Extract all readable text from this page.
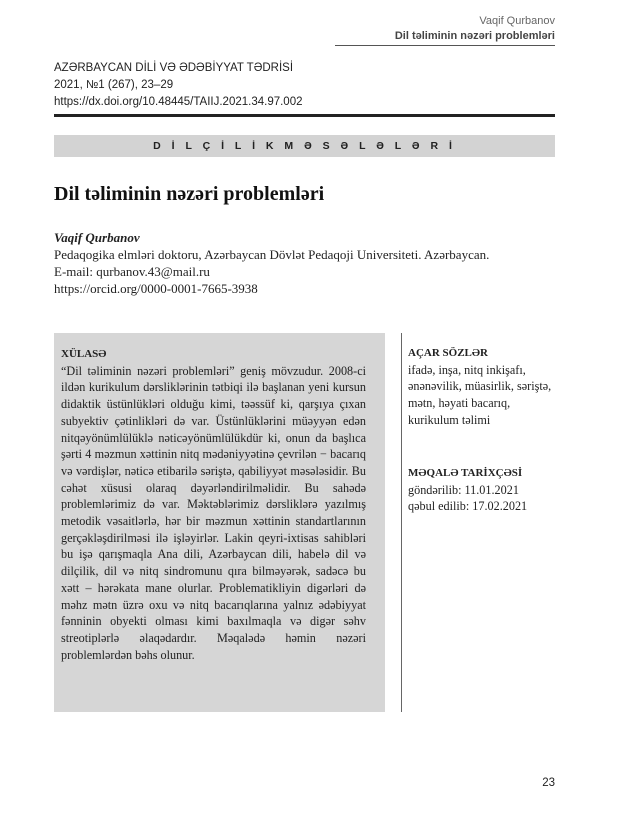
Vaqif Qurbanov
Dil təliminin nəzəri problemləri
AZƏRBAYCAN DİLİ VƏ ƏDƏBİYYAT TƏDRİSİ
2021, №1 (267), 23–29
https://dx.doi.org/10.48445/TAIIJ.2021.34.97.002
D İ L Ç İ L İ K M Ə S Ə L Ə L Ə R İ
Dil təliminin nəzəri problemləri
Vaqif Qurbanov
Pedaqogika elmləri doktoru, Azərbaycan Dövlət Pedaqoji Universiteti. Azərbaycan.
E-mail: qurbanov.43@mail.ru
https://orcid.org/0000-0001-7665-3938
XÜLASƏ
“Dil təliminin nəzəri problemləri” geniş mövzudur. 2008-ci ildən kurikulum dərsliklərinin tətbiqi ilə başlanan yeni kursun didaktik üstünlükləri olduğu kimi, təəssüf ki, qarşıya çıxan subyektiv çətinlikləri də var. Üstünlüklərini müəyyən edən nitqəyönümlülüklə nəticəyönümlülükdür ki, onun da başlıca şərti 4 məzmun xəttinin nitq mədəniyyətinə çevrilən − bacarıq və vərdişlər, nəticə etibarilə səriştə, qabiliyyət məsələsidir. Bu cəhət xüsusi olaraq dəyərləndirilməlidir. Bu sahədə problemlərimiz də var. Məktəblərimiz dərsliklərə yazılmış metodik vəsaitlərlə, hər bir məzmun xəttinin standartlarının gerçəkləşdirilməsi ilə işləyirlər. Lakin qeyri-ixtisas sahibləri bu işə qarışmaqla Ana dili, Azərbaycan dili, habelə dil və dilçilik, dil və nitq sindromunu qıra bilməyərək, sadəcə bu xətt – hərəkata mane olurlar. Problematikliyin digərləri də məhz mətn üzrə oxu və nitq bacarıqlarına yalnız ədəbiyyat fənninin obyekti olması kimi baxılmaqla və digər səhv streotiplərlə əlaqədardır. Məqalədə həmin nəzəri problemlərdən bəhs olunur.
AÇAR SÖZLƏR
ifadə, inşa, nitq inkişafı, ənənəvilik, müasirlik, səriştə, mətn, həyati bacarıq, kurikulum təlimi
MƏQALƏ TARİXÇƏSİ
göndərilib: 11.01.2021
qəbul edilib: 17.02.2021
23
